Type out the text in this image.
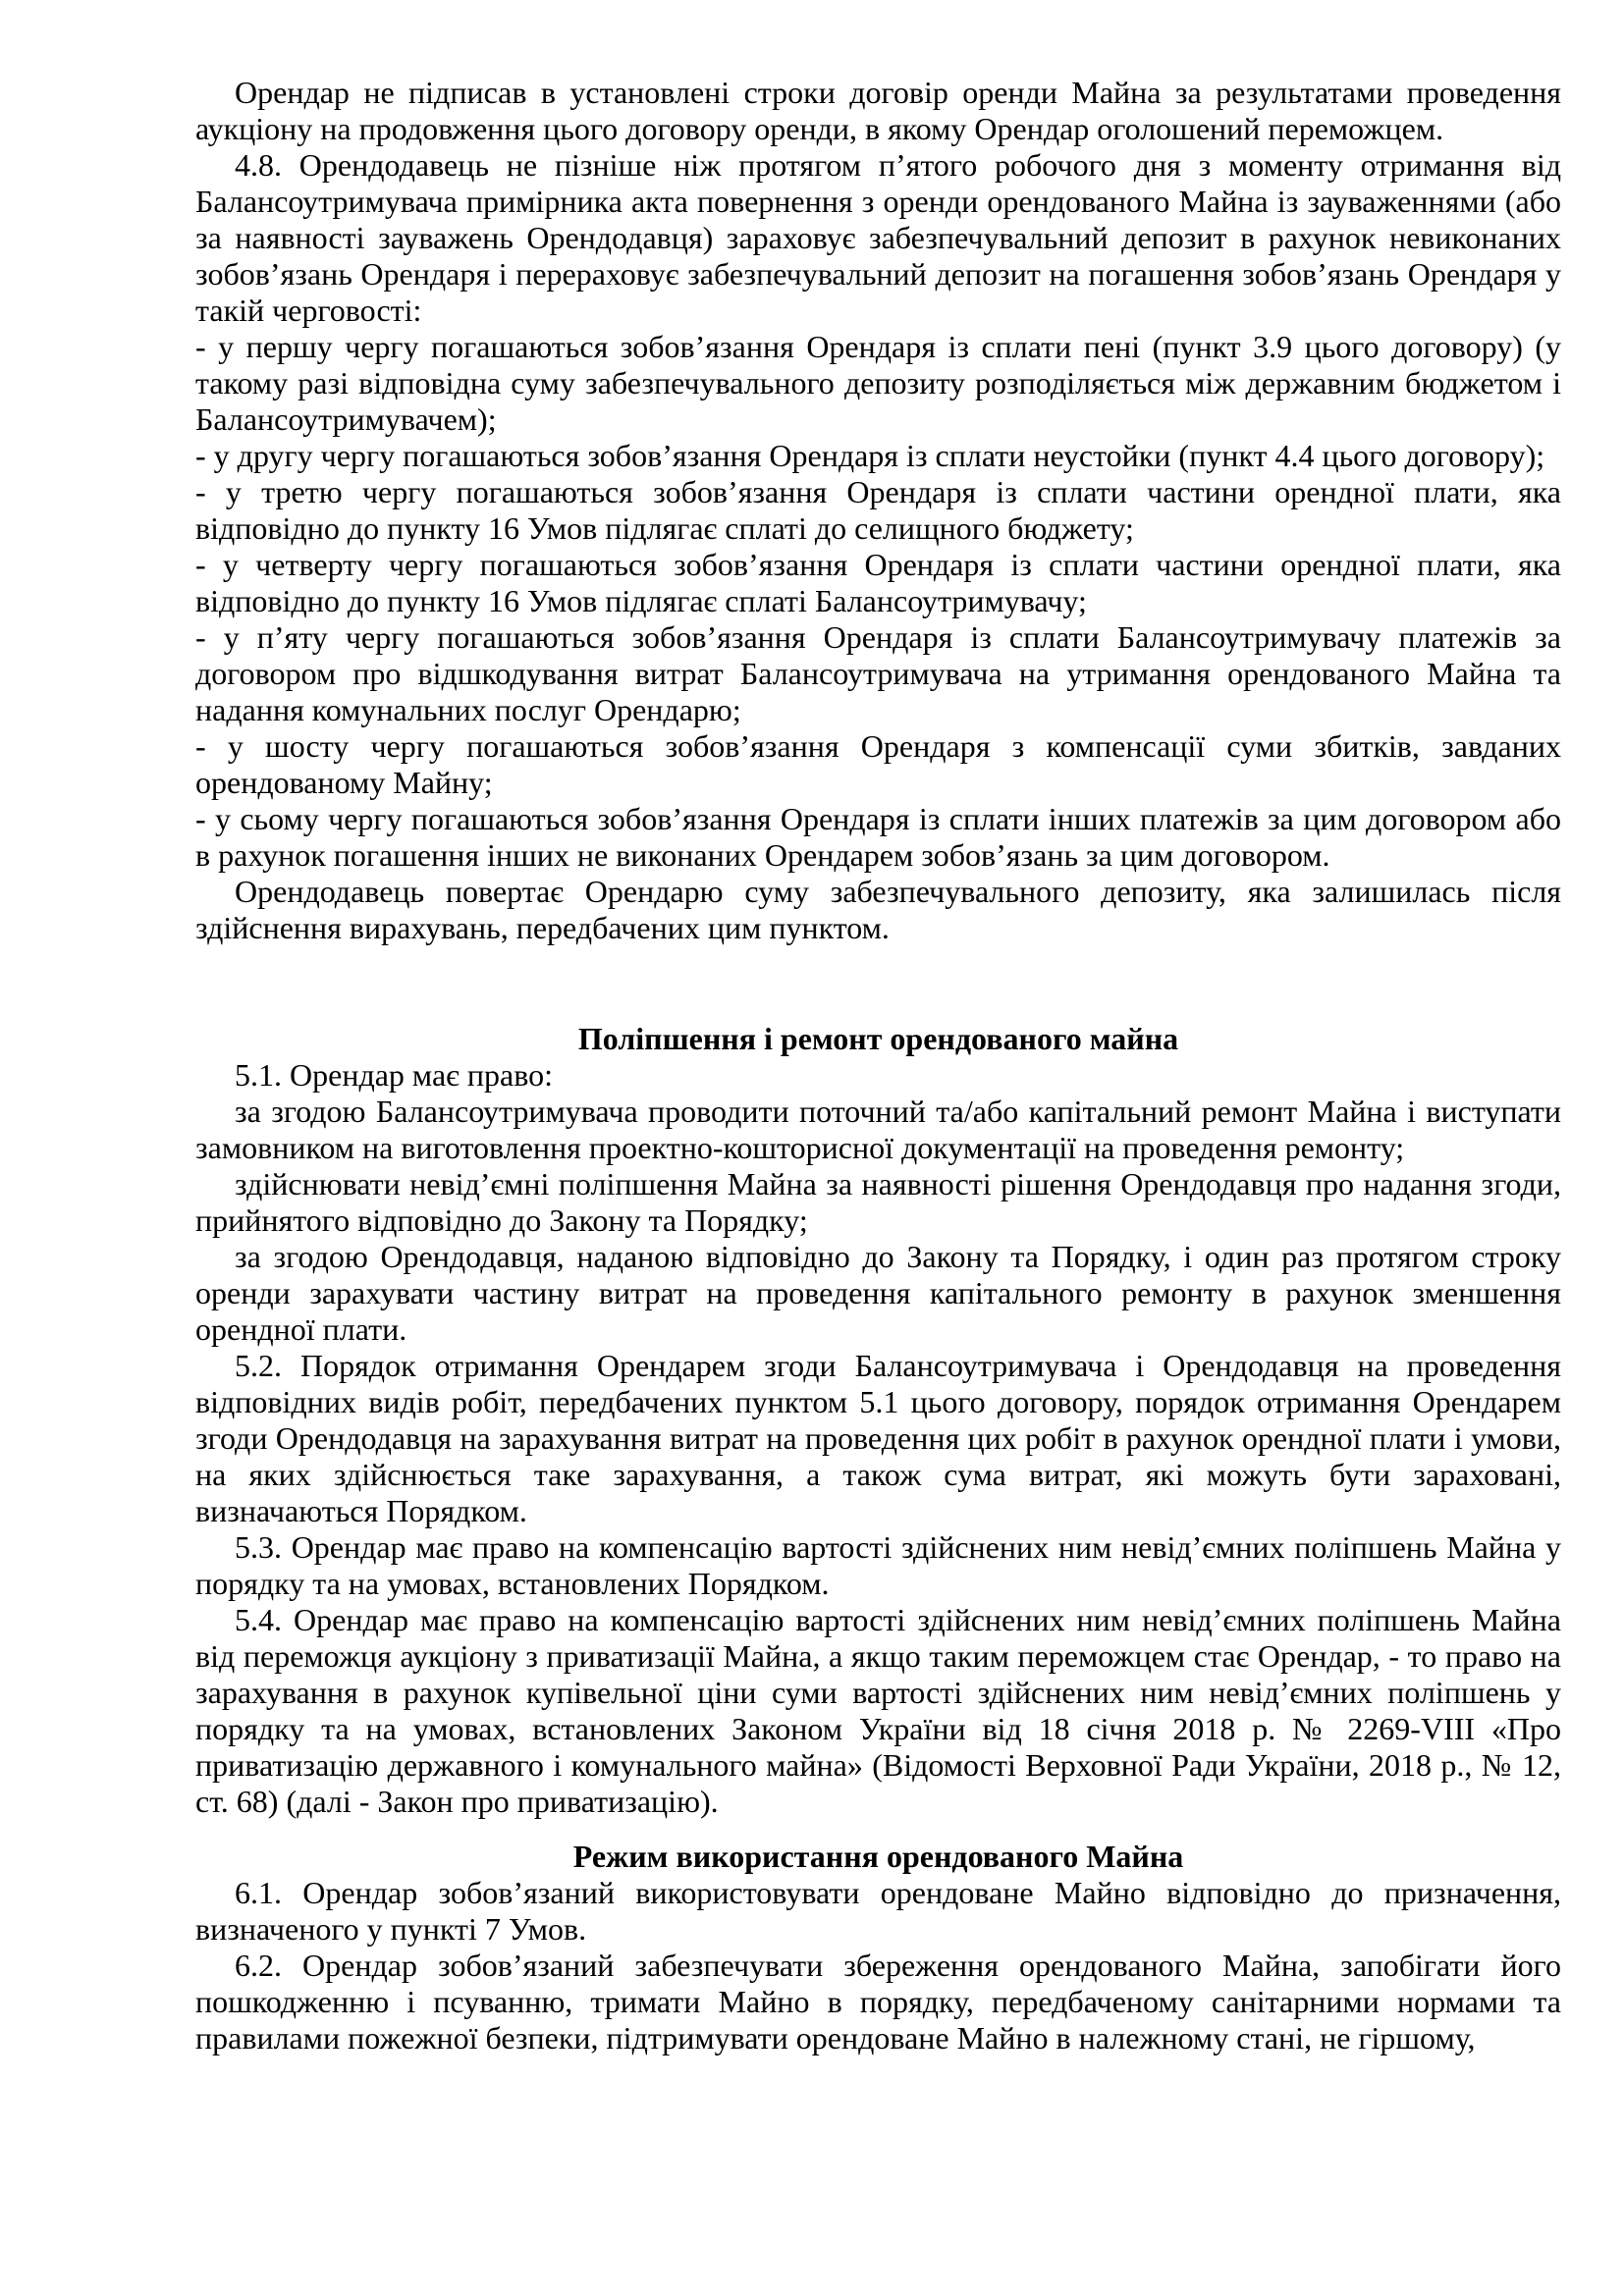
Орендар не підписав в установлені строки договір оренди Майна за результатами проведення аукціону на продовження цього договору оренди, в якому Орендар оголошений переможцем.

4.8. Орендодавець не пізніше ніж протягом п’ятого робочого дня з моменту отримання від Балансоутримувача примірника акта повернення з оренди орендованого Майна із зауваженнями (або за наявності зауважень Орендодавця) зараховує забезпечувальний депозит в рахунок невиконаних зобов’язань Орендаря і перераховує забезпечувальний депозит на погашення зобов’язань Орендаря у такій черговості:

- у першу чергу погашаються зобов’язання Орендаря із сплати пені (пункт 3.9 цього договору) (у такому разі відповідна суму забезпечувального депозиту розподіляється між державним бюджетом і Балансоутримувачем);

- у другу чергу погашаються зобов’язання Орендаря із сплати неустойки (пункт 4.4 цього договору);

- у третю чергу погашаються зобов’язання Орендаря із сплати частини орендної плати, яка відповідно до пункту 16 Умов підлягає сплаті до селищного бюджету;

- у четверту чергу погашаються зобов’язання Орендаря із сплати частини орендної плати, яка відповідно до пункту 16 Умов підлягає сплаті Балансоутримувачу;

- у п’яту чергу погашаються зобов’язання Орендаря із сплати Балансоутримувачу платежів за договором про відшкодування витрат Балансоутримувача на утримання орендованого Майна та надання комунальних послуг Орендарю;

- у шосту чергу погашаються зобов’язання Орендаря з компенсації суми збитків, завданих орендованому Майну;

- у сьому чергу погашаються зобов’язання Орендаря із сплати інших платежів за цим договором або в рахунок погашення інших не виконаних Орендарем зобов’язань за цим договором.

Орендодавець повертає Орендарю суму забезпечувального депозиту, яка залишилась після здійснення вирахувань, передбачених цим пунктом.

Поліпшення і ремонт орендованого майна

5.1. Орендар має право:

за згодою Балансоутримувача проводити поточний та/або капітальний ремонт Майна і виступати замовником на виготовлення проектно-кошторисної документації на проведення ремонту;

здійснювати невід’ємні поліпшення Майна за наявності рішення Орендодавця про надання згоди, прийнятого відповідно до Закону та Порядку;

за згодою Орендодавця, наданою відповідно до Закону та Порядку, і один раз протягом строку оренди зарахувати частину витрат на проведення капітального ремонту в рахунок зменшення орендної плати.

5.2. Порядок отримання Орендарем згоди Балансоутримувача і Орендодавця на проведення відповідних видів робіт, передбачених пунктом 5.1 цього договору, порядок отримання Орендарем згоди Орендодавця на зарахування витрат на проведення цих робіт в рахунок орендної плати і умови, на яких здійснюється таке зарахування, а також сума витрат, які можуть бути зараховані, визначаються Порядком.

5.3. Орендар має право на компенсацію вартості здійснених ним невід’ємних поліпшень Майна у порядку та на умовах, встановлених Порядком.

5.4. Орендар має право на компенсацію вартості здійснених ним невід’ємних поліпшень Майна від переможця аукціону з приватизації Майна, а якщо таким переможцем стає Орендар, - то право на зарахування в рахунок купівельної ціни суми вартості здійснених ним невід’ємних поліпшень у порядку та на умовах, встановлених Законом України від 18 січня 2018 р. № 2269-VIII «Про приватизацію державного і комунального майна» (Відомості Верховної Ради України, 2018 р., № 12, ст. 68) (далі - Закон про приватизацію).

Режим використання орендованого Майна

6.1. Орендар зобов’язаний використовувати орендоване Майно відповідно до призначення, визначеного у пункті 7 Умов.

6.2. Орендар зобов’язаний забезпечувати збереження орендованого Майна, запобігати його пошкодженню і псуванню, тримати Майно в порядку, передбаченому санітарними нормами та правилами пожежної безпеки, підтримувати орендоване Майно в належному стані, не гіршому,
